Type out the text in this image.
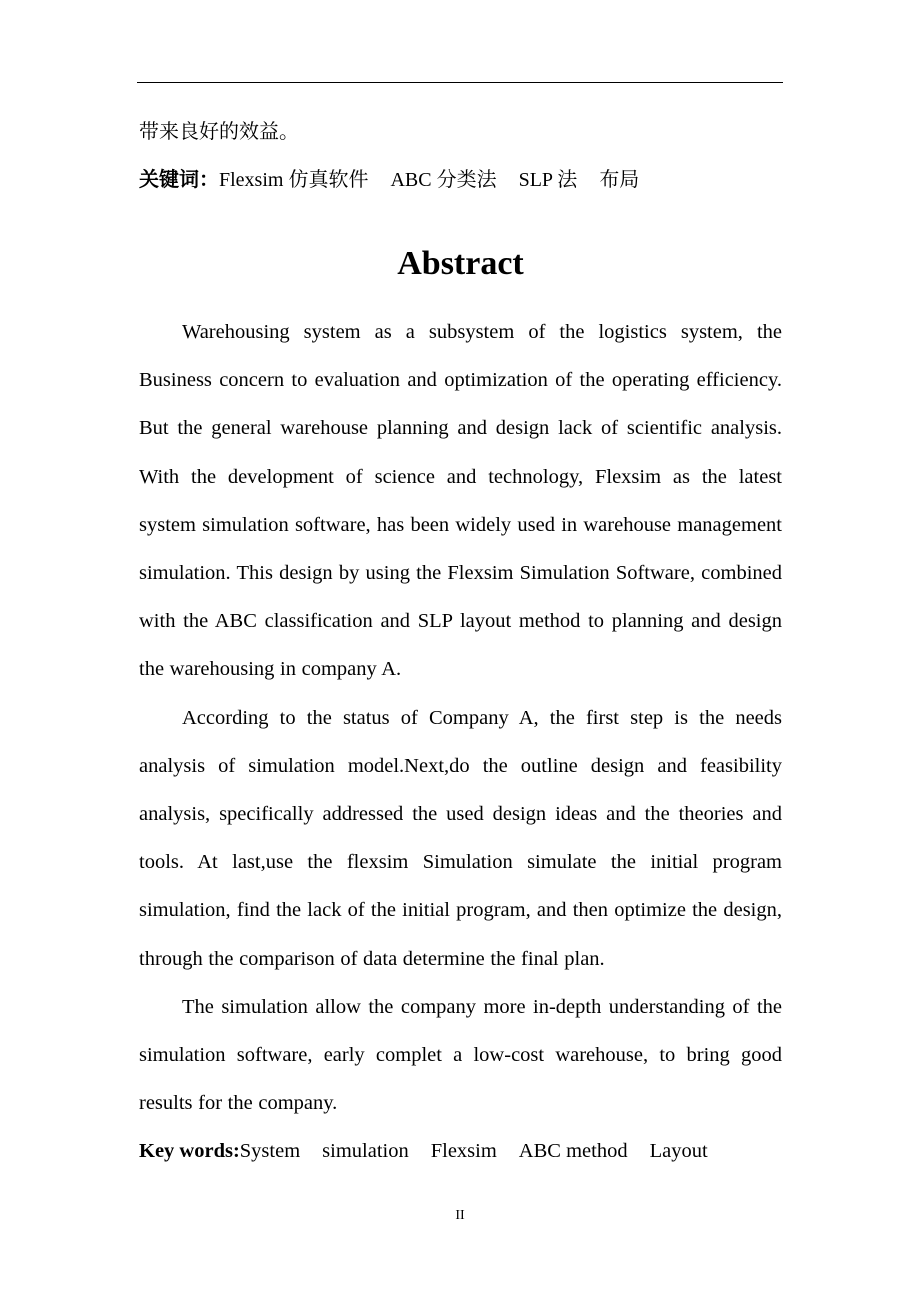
带来良好的效益。

关键词：Flexsim 仿真软件 ABC 分类法 SLP 法 布局

Abstract

Warehousing system as a subsystem of the logistics system, the Business concern to evaluation and optimization of the operating efficiency. But the general warehouse planning and design lack of scientific analysis. With the development of science and technology, Flexsim as the latest system simulation software, has been widely used in warehouse management simulation. This design by using the Flexsim Simulation Software, combined with the ABC classification and SLP layout method to planning and design the warehousing in company A.

According to the status of Company A, the first step is the needs analysis of simulation model.Next,do the outline design and feasibility analysis, specifically addressed the used design ideas and the theories and tools. At last,use the flexsim Simulation simulate the initial program simulation, find the lack of the initial program, and then optimize the design, through the comparison of data determine the final plan.

The simulation allow the company more in-depth understanding of the simulation software, early complet a low-cost warehouse, to bring good results for the company.

Key words:System simulation Flexsim ABC method Layout

II
